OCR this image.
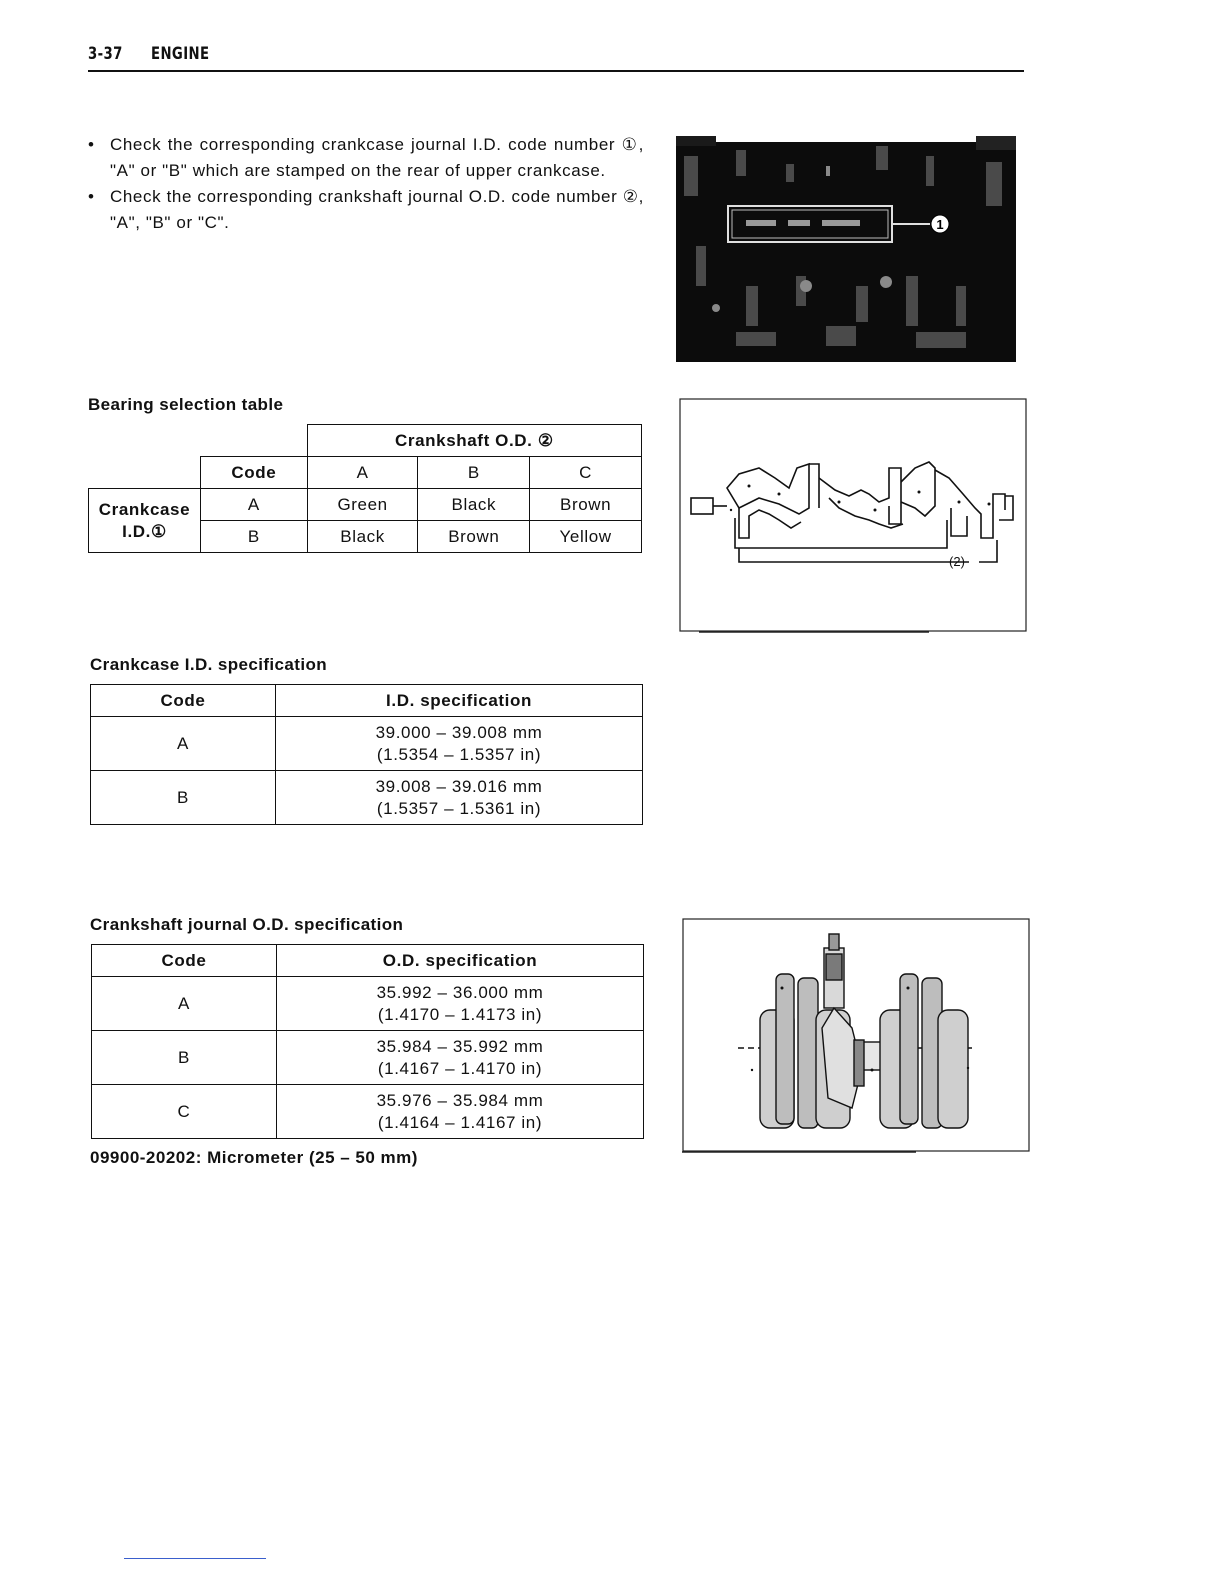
3-37 ENGINE
• Check the corresponding crankcase journal I.D. code number ①, "A" or "B" which are stamped on the rear of upper crankcase.
• Check the corresponding crankshaft journal O.D. code number ②, "A", "B" or "C".	1
Bearing selection table
		Crankshaft O.D. ②		
	Code	A	B	C
Crankcase I.D.①	A	Green	Black	Brown
	B	Black	Brown	Yellow
(2)
Crankcase I.D. specification
Code	I.D. specification
A	39.000 – 39.008 mm
(1.5354 – 1.5357 in)

B	39.008 – 39.016 mm
(1.5357 – 1.5361 in)
Crankshaft journal O.D. specification
Code	O.D. specification
A	35.992 – 36.000 mm
(1.4170 – 1.4173 in)

B	35.984 – 35.992 mm
(1.4167 – 1.4170 in)

C	35.976 – 35.984 mm
(1.4164 – 1.4167 in)
09900-20202: Micrometer (25 – 50 mm)
